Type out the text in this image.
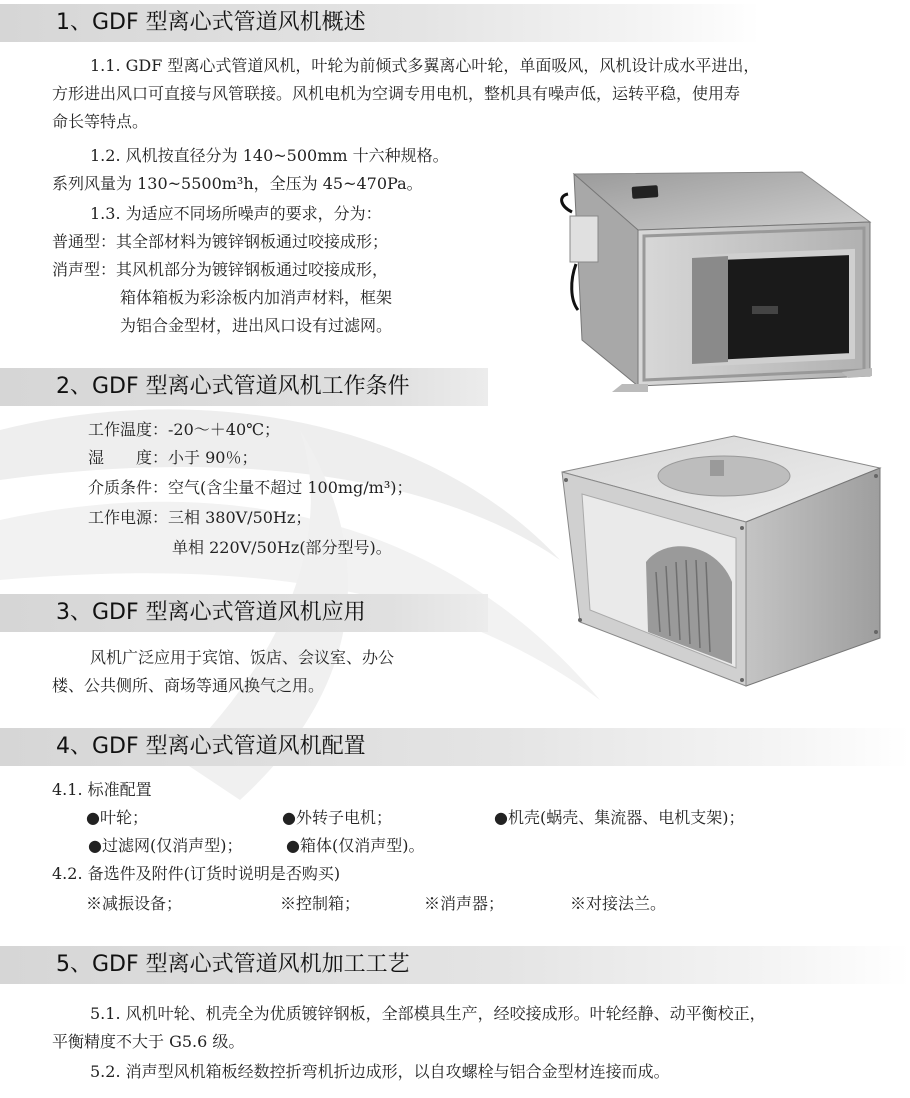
1、GDF 型离心式管道风机概述
1.1. GDF 型离心式管道风机，叶轮为前倾式多翼离心叶轮，单面吸风，风机设计成水平进出，
方形进出风口可直接与风管联接。风机电机为空调专用电机，整机具有噪声低，运转平稳，使用寿
命长等特点。
1.2. 风机按直径分为 140~500mm 十六种规格。
系列风量为 130~5500m³h，全压为 45~470Pa。
1.3. 为适应不同场所噪声的要求，分为：
普通型：其全部材料为镀锌钢板通过咬接成形；
消声型：其风机部分为镀锌钢板通过咬接成形，
箱体箱板为彩涂板内加消声材料，框架
为铝合金型材，进出风口设有过滤网。
2、GDF 型离心式管道风机工作条件
工作温度：-20～＋40℃；
湿　　度：小于 90％；
介质条件：空气(含尘量不超过 100mg/m³)；
工作电源：三相 380V/50Hz；
单相 220V/50Hz(部分型号)。
3、GDF 型离心式管道风机应用
风机广泛应用于宾馆、饭店、会议室、办公
楼、公共侧所、商场等通风换气之用。
4、GDF 型离心式管道风机配置
4.1. 标准配置
●叶轮；	●外转子电机；	●机壳(蜗壳、集流器、电机支架)；
●过滤网(仅消声型)；	●箱体(仅消声型)。
4.2. 备选件及附件(订货时说明是否购买)
※减振设备；	※控制箱；	※消声器；	※对接法兰。
5、GDF 型离心式管道风机加工工艺
5.1. 风机叶轮、机壳全为优质镀锌钢板，全部模具生产，经咬接成形。叶轮经静、动平衡校正，
平衡精度不大于 G5.6 级。
5.2. 消声型风机箱板经数控折弯机折边成形，以自攻螺栓与铝合金型材连接而成。
